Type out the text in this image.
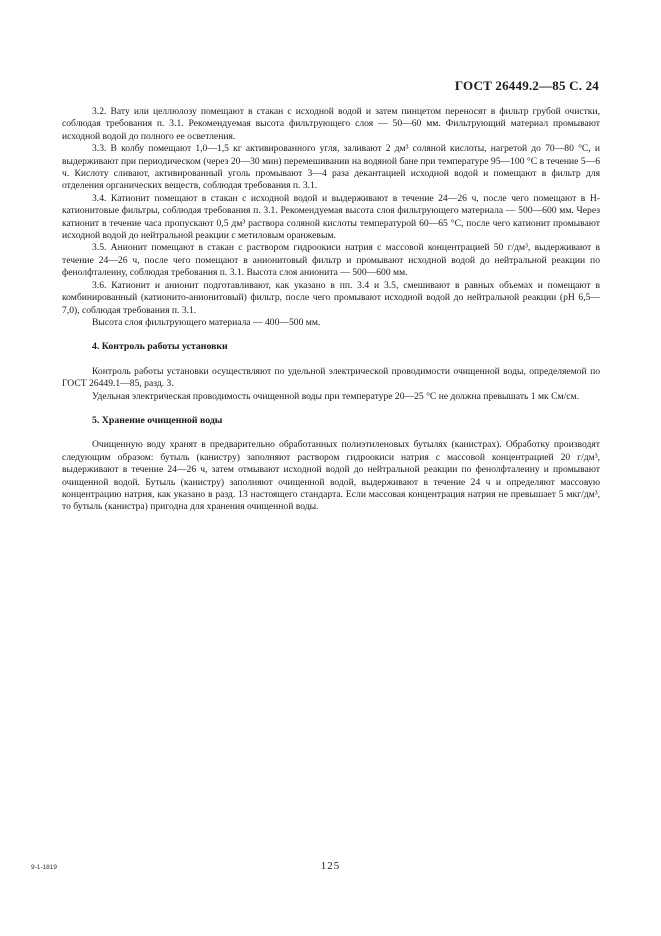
ГОСТ 26449.2—85 С. 24

3.2. Вату или целлюлозу помещают в стакан с исходной водой и затем пинцетом переносят в фильтр грубой очистки, соблюдая требования п. 3.1. Рекомендуемая высота фильтрующего слоя — 50—60 мм. Фильтрующий материал промывают исходной водой до полного ее осветления.

3.3. В колбу помещают 1,0—1,5 кг активированного угля, заливают 2 дм³ соляной кислоты, нагретой до 70—80 °С, и выдерживают при периодическом (через 20—30 мин) перемешивании на водяной бане при температуре 95—100 °С в течение 5—6 ч. Кислоту сливают, активированный уголь промывают 3—4 раза декантацией исходной водой и помещают в фильтр для отделения органических веществ, соблюдая требования п. 3.1.

3.4. Катионит помещают в стакан с исходной водой и выдерживают в течение 24—26 ч, после чего помещают в H-катионитовые фильтры, соблюдая требования п. 3.1. Рекомендуемая высота слоя фильтрующего материала — 500—600 мм. Через катионит в течение часа пропускают 0,5 дм³ раствора соляной кислоты температурой 60—65 °С, после чего катионит промывают исходной водой до нейтральной реакции с метиловым оранжевым.

3.5. Анионит помещают в стакан с раствором гидроокиси натрия с массовой концентрацией 50 г/дм³, выдерживают в течение 24—26 ч, после чего помещают в анионитовый фильтр и промывают исходной водой до нейтральной реакции по фенолфталеину, соблюдая требования п. 3.1. Высота слоя анионита — 500—600 мм.

3.6. Катионит и анионит подготавливают, как указано в пп. 3.4 и 3.5, смешивают в равных объемах и помещают в комбинированный (катионито-анионитовый) фильтр, после чего промывают исходной водой до нейтральной реакции (рН 6,5—7,0), соблюдая требования п. 3.1.

Высота слоя фильтрующего материала — 400—500 мм.

4. Контроль работы установки

Контроль работы установки осуществляют по удельной электрической проводимости очищенной воды, определяемой по ГОСТ 26449.1—85, разд. 3.

Удельная электрическая проводимость очищенной воды при температуре 20—25 °С не должна превышать 1 мк См/см.

5. Хранение очищенной воды

Очищенную воду хранят в предварительно обработанных полиэтиленовых бутылях (канистрах). Обработку производят следующим образом: бутыль (канистру) заполняют раствором гидроокиси натрия с массовой концентрацией 20 г/дм³, выдерживают в течение 24—26 ч, затем отмывают исходной водой до нейтральной реакции по фенолфталеину и промывают очищенной водой. Бутыль (канистру) заполняют очищенной водой, выдерживают в течение 24 ч и определяют массовую концентрацию натрия, как указано в разд. 13 настоящего стандарта. Если массовая концентрация натрия не превышает 5 мкг/дм³, то бутыль (канистра) пригодна для хранения очищенной воды.

9-1-1819	125
